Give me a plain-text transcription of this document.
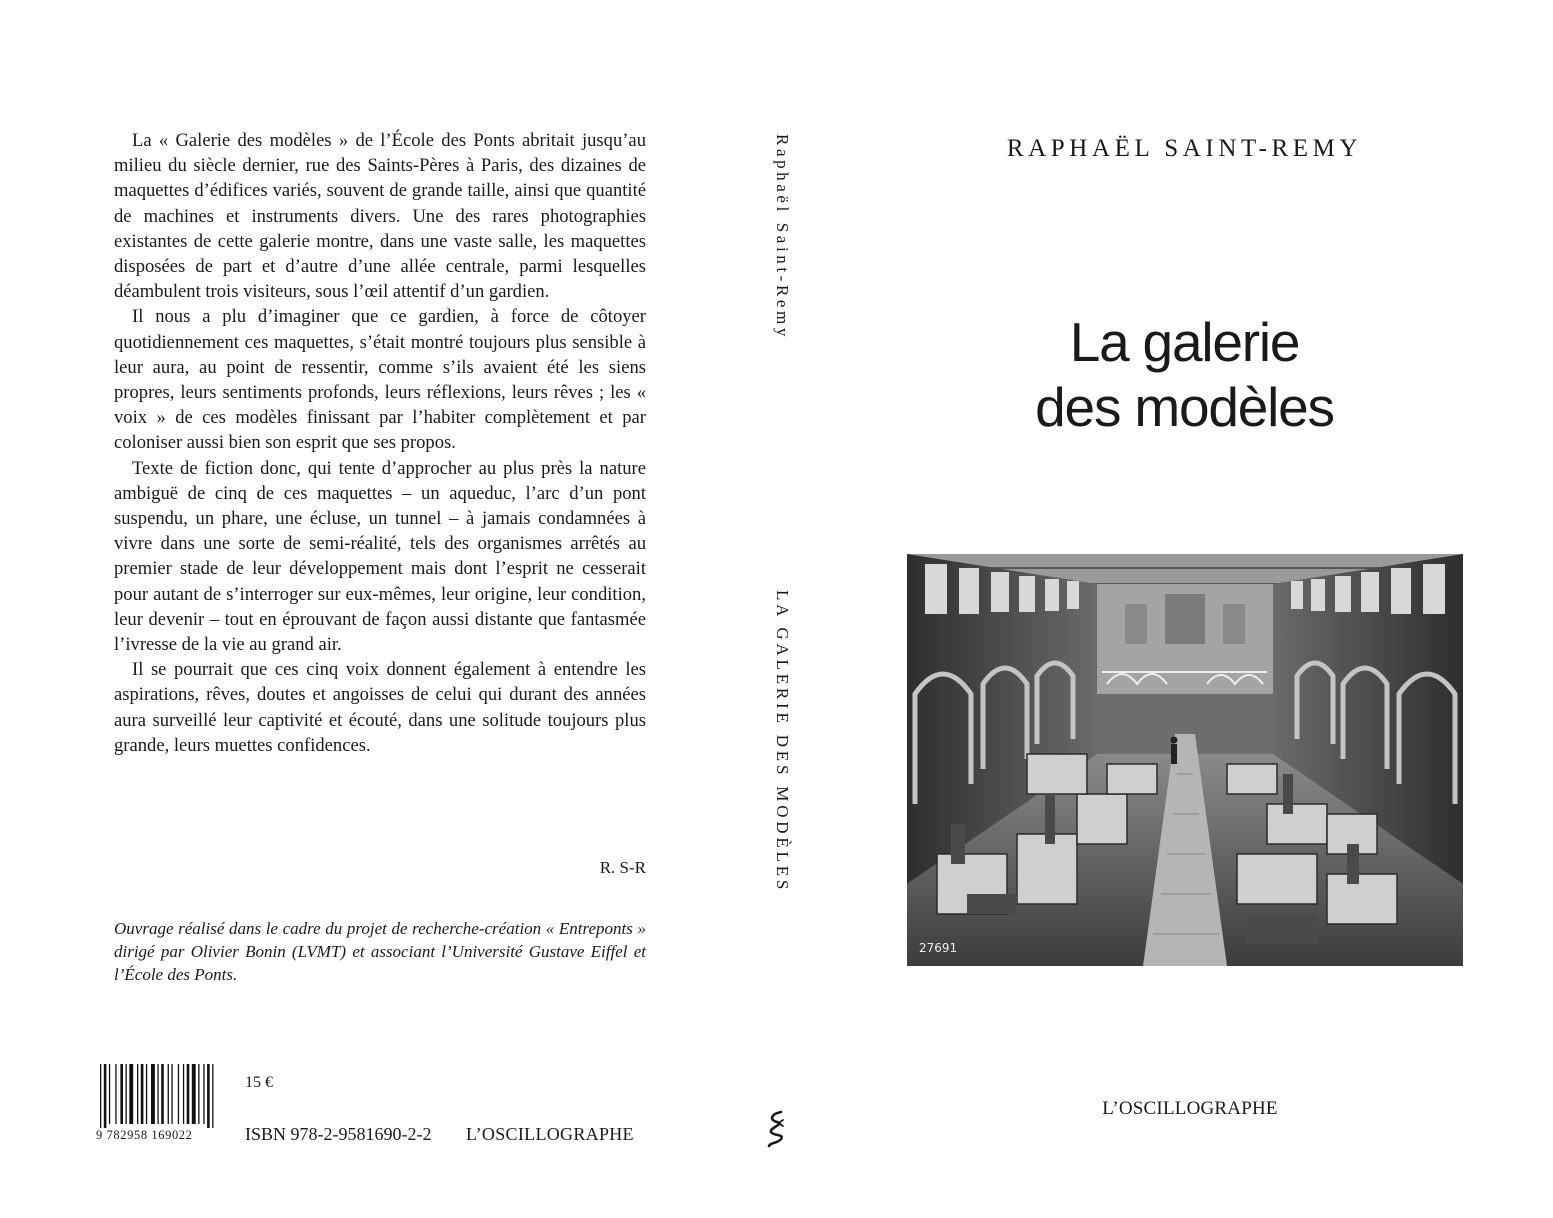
La « Galerie des modèles » de l’École des Ponts abritait jusqu’au milieu du siècle dernier, rue des Saints-Pères à Paris, des dizaines de maquettes d’édifices variés, souvent de grande taille, ainsi que quantité de machines et instruments divers. Une des rares photographies existantes de cette galerie montre, dans une vaste salle, les maquettes disposées de part et d’autre d’une allée centrale, parmi lesquelles déambulent trois visiteurs, sous l’œil attentif d’un gardien.

Il nous a plu d’imaginer que ce gardien, à force de côtoyer quotidiennement ces maquettes, s’était montré toujours plus sensible à leur aura, au point de ressentir, comme s’ils avaient été les siens propres, leurs sentiments profonds, leurs réflexions, leurs rêves ; les « voix » de ces modèles finissant par l’habiter complètement et par coloniser aussi bien son esprit que ses propos.

Texte de fiction donc, qui tente d’approcher au plus près la nature ambiguë de cinq de ces maquettes – un aqueduc, l’arc d’un pont suspendu, un phare, une écluse, un tunnel – à jamais condamnées à vivre dans une sorte de semi-réalité, tels des organismes arrêtés au premier stade de leur développement mais dont l’esprit ne cesserait pour autant de s’interroger sur eux-mêmes, leur origine, leur condition, leur devenir – tout en éprouvant de façon aussi distante que fantasmée l’ivresse de la vie au grand air.

Il se pourrait que ces cinq voix donnent également à entendre les aspirations, rêves, doutes et angoisses de celui qui durant des années aura surveillé leur captivité et écouté, dans une solitude toujours plus grande, leurs muettes confidences.

R. S-R
Ouvrage réalisé dans le cadre du projet de recherche-création « Entreponts » dirigé par Olivier Bonin (LVMT) et associant l’Université Gustave Eiffel et l’École des Ponts.
9 782958 169022
15 €
ISBN 978-2-9581690-2-2 L’OSCILLOGRAPHE
Raphaël Saint-Remy
LA GALERIE DES MODÈLES
RAPHAËL SAINT-REMY
La galerie
des modèles
27691
L’OSCILLOGRAPHE
